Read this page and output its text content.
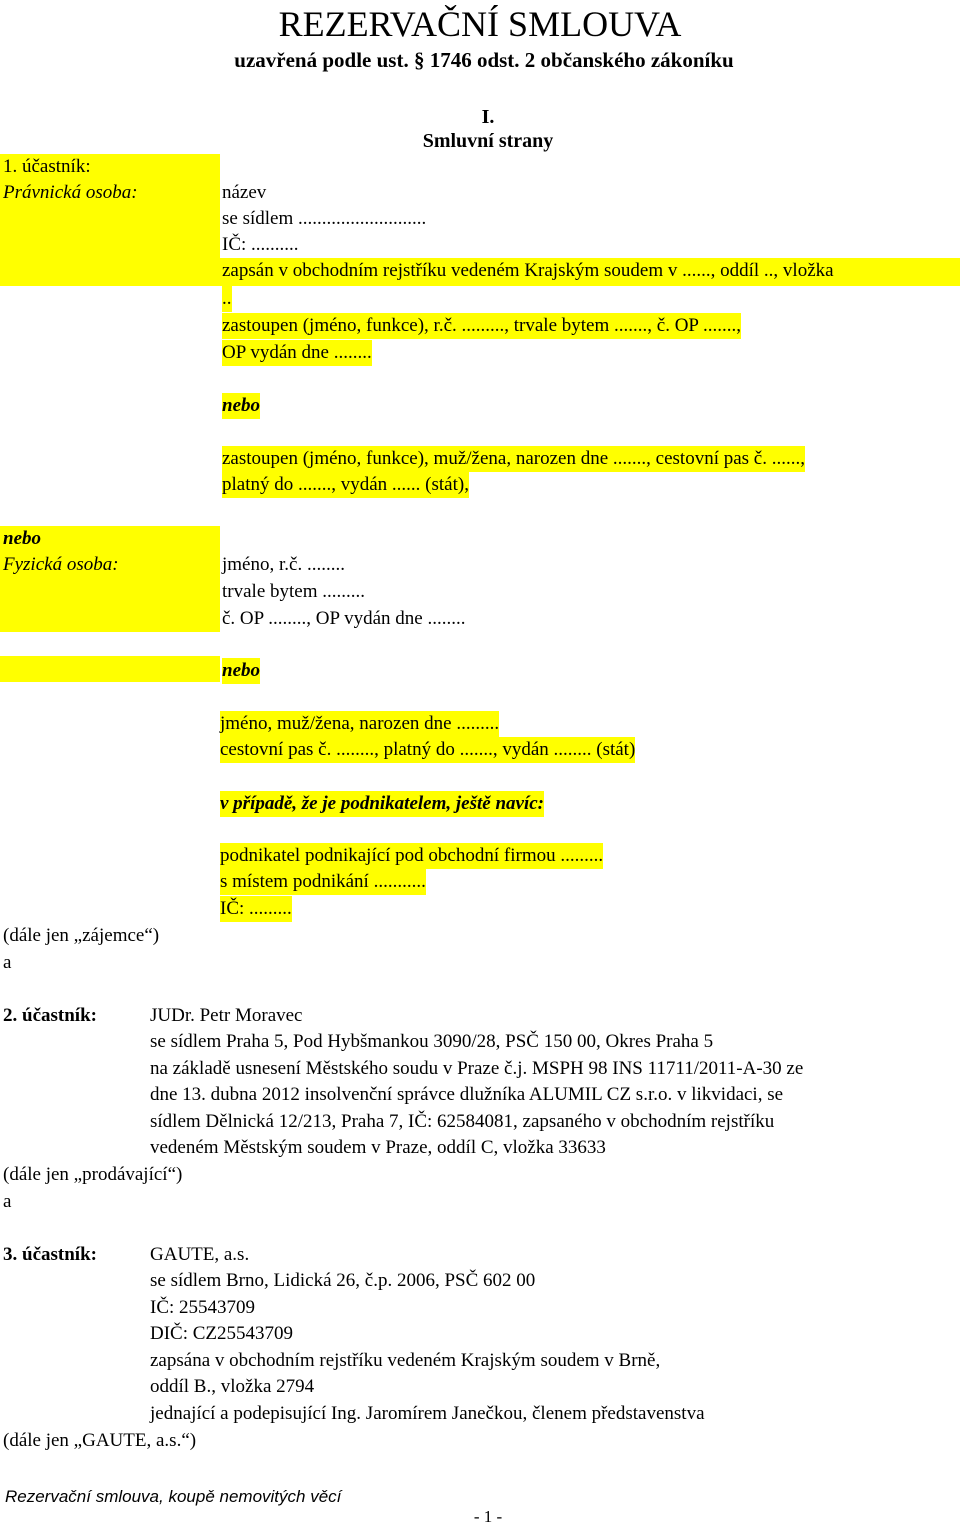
REZERVAČNÍ SMLOUVA
uzavřená podle ust. § 1746 odst. 2 občanského zákoníku
I.
Smluvní strany
1. účastník:
Právnická osoba:	název
se sídlem ...........................
IČ: ..........
zapsán v obchodním rejstříku vedeném Krajským soudem v ......, oddíl .., vložka
..
zastoupen (jméno, funkce), r.č. ........., trvale bytem ......., č. OP .......,
OP vydán dne ........
nebo
zastoupen (jméno, funkce), muž/žena, narozen dne ......., cestovní pas č. ......,
platný do ......., vydán ...... (stát),
nebo
Fyzická osoba:	jméno, r.č. ........
trvale bytem .........
č. OP ........, OP vydán dne ........
nebo
jméno, muž/žena, narozen dne .........
cestovní pas č. ........, platný do ......., vydán ........ (stát)
v případě, že je podnikatelem, ještě navíc:
podnikatel podnikající pod obchodní firmou .........
s místem podnikání ...........
IČ: .........
(dále jen „zájemce“)
a
2. účastník:	JUDr. Petr Moravec
se sídlem Praha 5, Pod Hybšmankou 3090/28, PSČ 150 00, Okres Praha 5
na základě usnesení Městského soudu v Praze č.j. MSPH 98 INS 11711/2011-A-30 ze
dne 13. dubna 2012 insolvenční správce dlužníka ALUMIL CZ s.r.o. v likvidaci, se
sídlem Dělnická 12/213, Praha 7, IČ: 62584081, zapsaného v obchodním rejstříku
vedeném Městským soudem v Praze, oddíl C, vložka 33633
(dále jen „prodávající“)
a
3. účastník:	GAUTE, a.s.
se sídlem Brno, Lidická 26, č.p. 2006, PSČ 602 00
IČ: 25543709
DIČ: CZ25543709
zapsána v obchodním rejstříku vedeném Krajským soudem v Brně,
oddíl B., vložka 2794
jednající a podepisující Ing. Jaromírem Janečkou, členem představenstva
(dále jen „GAUTE, a.s.“)
Rezervační smlouva, koupě nemovitých věcí
- 1 -
